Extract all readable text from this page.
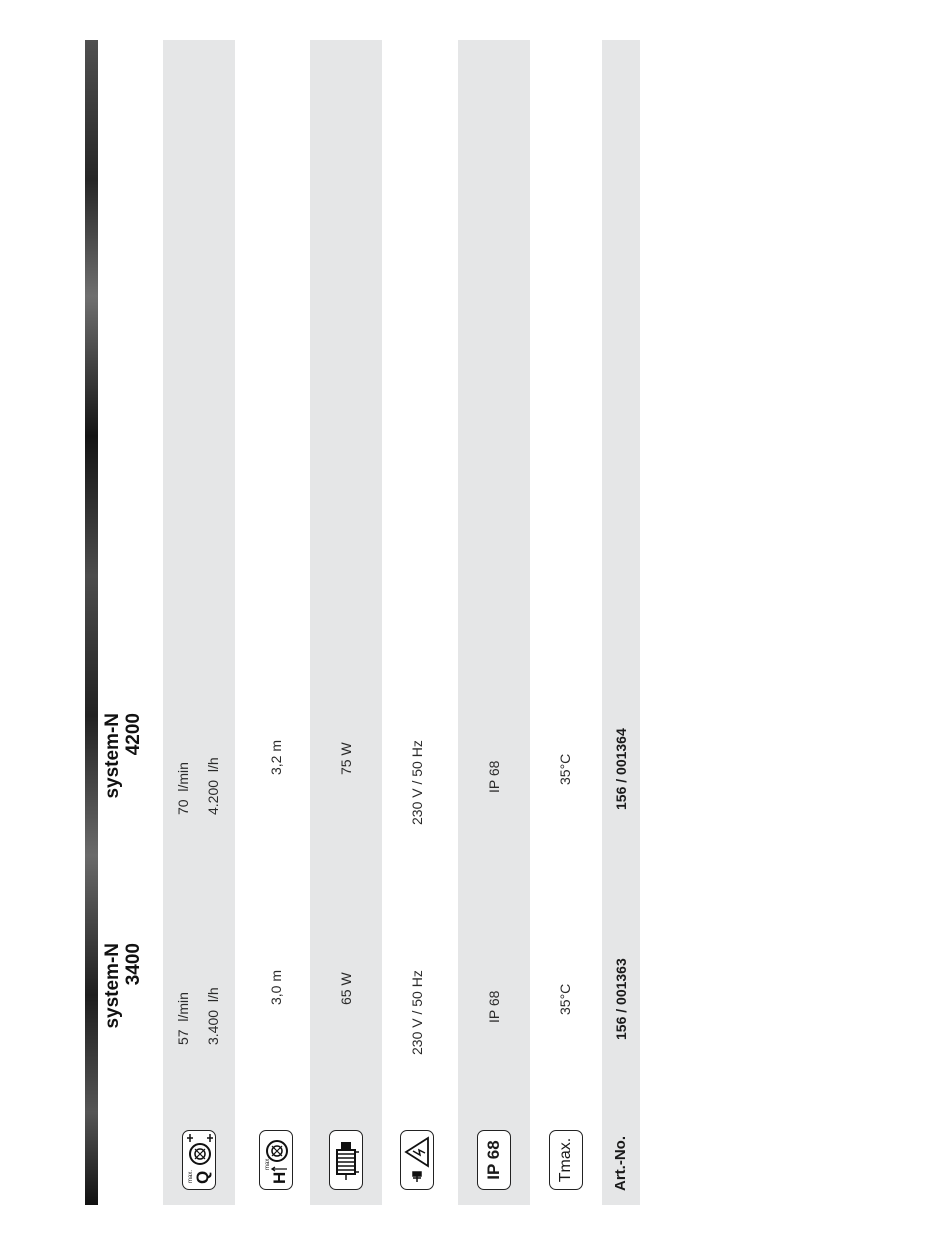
system-N 3400
system-N 4200
Q
max.
57  l/min
3.400  l/h
70  l/min
4.200  l/h
H
max.
3,0 m
3,2 m
65 W
75 W
230 V / 50 Hz
230 V / 50 Hz
IP 68
IP 68
IP 68
Tmax.
35°C
35°C
Art.-No.
156 / 001363
156 / 001364
